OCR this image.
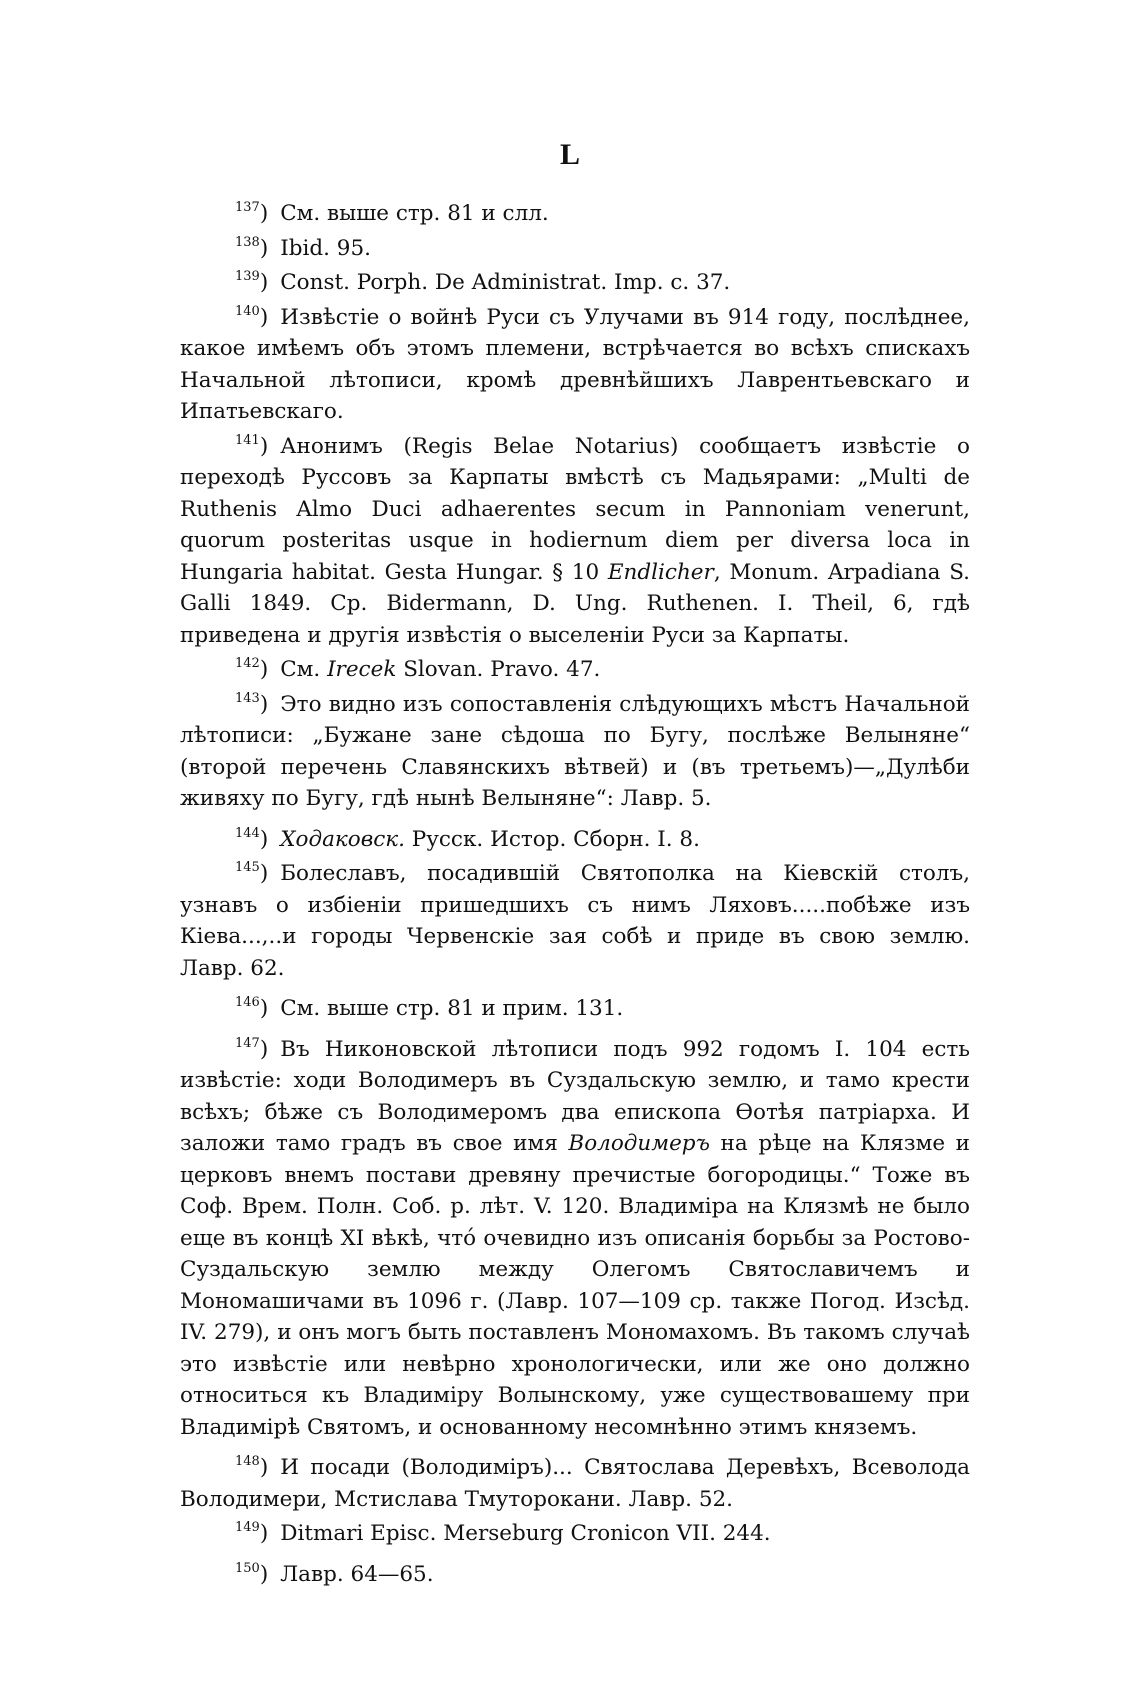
L

$^{137}$) См. выше стр. 81 и слл.

$^{138}$) Ibid. 95.

$^{139}$) Const. Porph. De Administrat. Imp. c. 37.

$^{140}$) Извѣстіе о войнѣ Руси съ Улучами въ 914 году, послѣднее, какое имѣемъ объ этомъ племени, встрѣчается во всѣхъ спискахъ Начальной лѣтописи, кромѣ древнѣйшихъ Лаврентьевскаго и Ипатьевскаго.

$^{141}$) Анонимъ (Regis Belae Notarius) сообщаетъ извѣстіе о переходѣ Руссовъ за Карпаты вмѣстѣ съ Мадьярами: „Multi de Ruthenis Almo Duci adhaerentes secum in Pannoniam venerunt, quorum posteritas usque in hodiernum diem per diversa loca in Hungaria habitat. Gesta Hungar. § 10 Endlicher, Monum. Arpadiana S. Galli 1849. Ср. Bidermann, D. Ung. Ruthenen. I. Theil, 6, гдѣ приведена и другія извѣстія о выселеніи Руси за Карпаты.

$^{142}$) См. Irecek Slovan. Pravo. 47.

$^{143}$) Это видно изъ сопоставленія слѣдующихъ мѣстъ Начальной лѣтописи: „Бужане зане сѣдоша по Бугу, послѣже Велыняне“ (второй перечень Славянскихъ вѣтвей) и (въ третьемъ)—„Дулѣби живяху по Бугу, гдѣ нынѣ Велыняне“: Лавр. 5.

$^{144}$) Ходаковск. Русск. Истор. Сборн. I. 8.

$^{145}$) Болеславъ, посадившій Святополка на Кіевскій столъ, узнавъ о избіеніи пришедшихъ съ нимъ Ляховъ.....побѣже изъ Кіева...,..и городы Червенскіе зая собѣ и приде въ свою землю. Лавр. 62.

$^{146}$) См. выше стр. 81 и прим. 131.

$^{147}$) Въ Никоновской лѣтописи подъ 992 годомъ I. 104 есть извѣстіе: ходи Володимеръ въ Суздальскую землю, и тамо крести всѣхъ; бѣже съ Володимеромъ два епископа Ѳотѣя патріарха. И заложи тамо градъ въ свое имя Володимеръ на рѣце на Клязме и церковъ внемъ постави древяну пречистые богородицы.“ Тоже въ Соф. Врем. Полн. Соб. р. лѣт. V. 120. Владиміра на Клязмѣ не было еще въ концѣ XI вѣкѣ, что́ очевидно изъ описанія борьбы за Ростово-Суздальскую землю между Олегомъ Святославичемъ и Мономашичами въ 1096 г. (Лавр. 107—109 ср. также Погод. Изсѣд. IV. 279), и онъ могъ быть поставленъ Мономахомъ. Въ такомъ случаѣ это извѣстіе или невѣрно хронологически, или же оно должно относиться къ Владиміру Волынскому, уже существовашему при Владимірѣ Святомъ, и основанному несомнѣнно этимъ княземъ.

$^{148}$) И посади (Володиміръ)... Святослава Деревѣхъ, Всеволода Володимери, Мстислава Тмуторокани. Лавр. 52.

$^{149}$) Ditmari Episc. Merseburg Cronicon VII. 244.

$^{150}$) Лавр. 64—65.
